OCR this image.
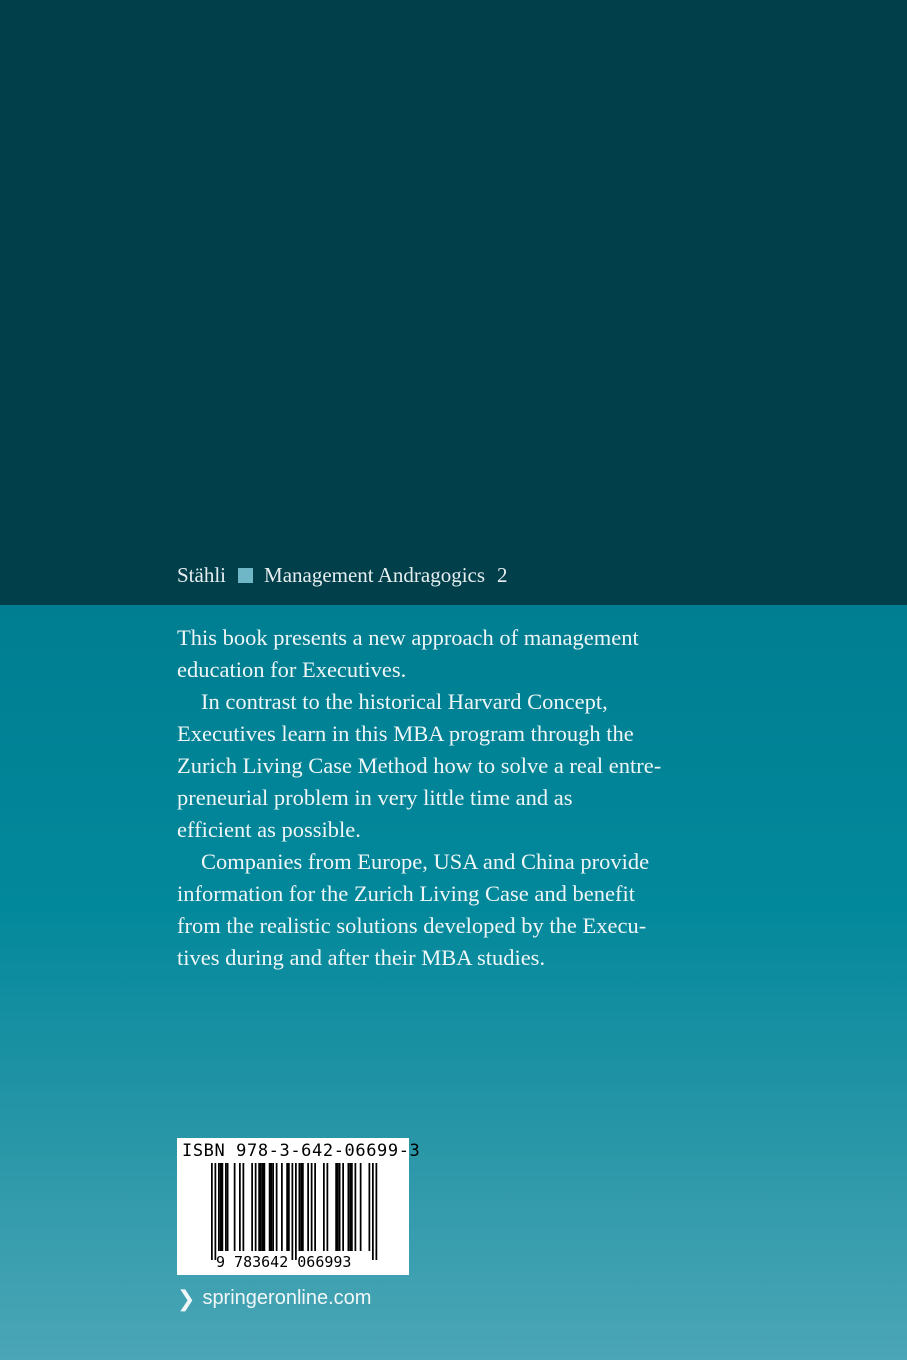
Stähli Management Andragogics 2

This book presents a new approach of management
education for Executives.

In contrast to the historical Harvard Concept,
Executives learn in this MBA program through the
Zurich Living Case Method how to solve a real entre-
preneurial problem in very little time and as
efficient as possible.

Companies from Europe, USA and China provide
information for the Zurich Living Case and benefit
from the realistic solutions developed by the Execu-
tives during and after their MBA studies.

ISBN 978-3-642-06699-3
9 783642 066993
❯ springeronline.com
